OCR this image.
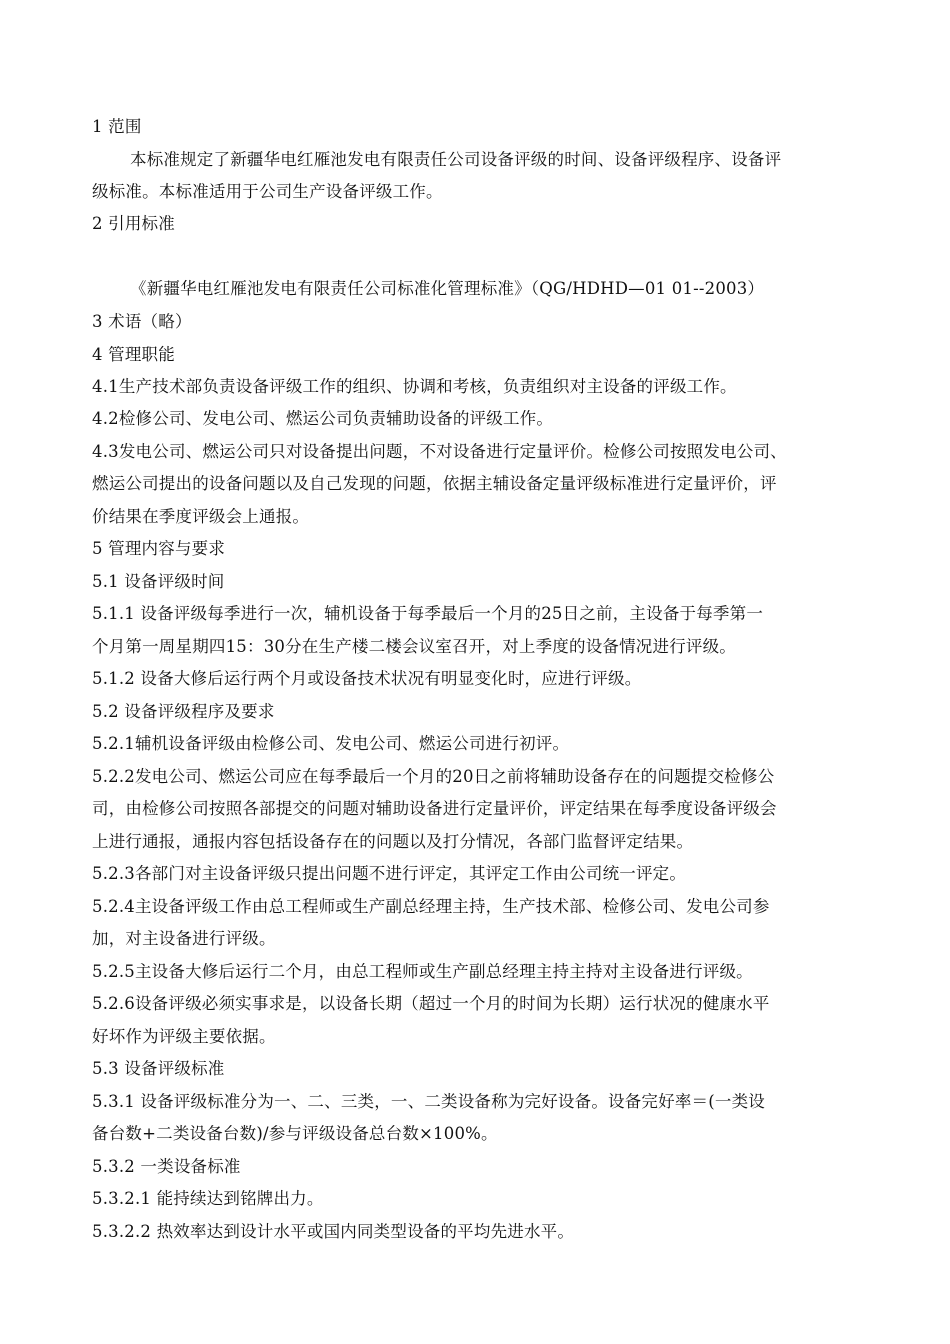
1 范围
本标准规定了新疆华电红雁池发电有限责任公司设备评级的时间、设备评级程序、设备评
级标准。本标准适用于公司生产设备评级工作。
2 引用标准
《新疆华电红雁池发电有限责任公司标准化管理标准》（QG/HDHD—01 01--2003）
3 术语（略）
4 管理职能
4.1生产技术部负责设备评级工作的组织、协调和考核，负责组织对主设备的评级工作。
4.2检修公司、发电公司、燃运公司负责辅助设备的评级工作。
4.3发电公司、燃运公司只对设备提出问题，不对设备进行定量评价。检修公司按照发电公司、
燃运公司提出的设备问题以及自己发现的问题，依据主辅设备定量评级标准进行定量评价，评
价结果在季度评级会上通报。
5 管理内容与要求
5.1 设备评级时间
5.1.1 设备评级每季进行一次，辅机设备于每季最后一个月的25日之前，主设备于每季第一
个月第一周星期四15：30分在生产楼二楼会议室召开，对上季度的设备情况进行评级。
5.1.2 设备大修后运行两个月或设备技术状况有明显变化时，应进行评级。
5.2 设备评级程序及要求
5.2.1辅机设备评级由检修公司、发电公司、燃运公司进行初评。
5.2.2发电公司、燃运公司应在每季最后一个月的20日之前将辅助设备存在的问题提交检修公
司，由检修公司按照各部提交的问题对辅助设备进行定量评价，评定结果在每季度设备评级会
上进行通报，通报内容包括设备存在的问题以及打分情况，各部门监督评定结果。
5.2.3各部门对主设备评级只提出问题不进行评定，其评定工作由公司统一评定。
5.2.4主设备评级工作由总工程师或生产副总经理主持，生产技术部、检修公司、发电公司参
加，对主设备进行评级。
5.2.5主设备大修后运行二个月，由总工程师或生产副总经理主持主持对主设备进行评级。
5.2.6设备评级必须实事求是，以设备长期（超过一个月的时间为长期）运行状况的健康水平
好坏作为评级主要依据。
5.3 设备评级标准
5.3.1 设备评级标准分为一、二、三类，一、二类设备称为完好设备。设备完好率＝(一类设
备台数+二类设备台数)/参与评级设备总台数×100%。
5.3.2 一类设备标准
5.3.2.1 能持续达到铭牌出力。
5.3.2.2 热效率达到设计水平或国内同类型设备的平均先进水平。
